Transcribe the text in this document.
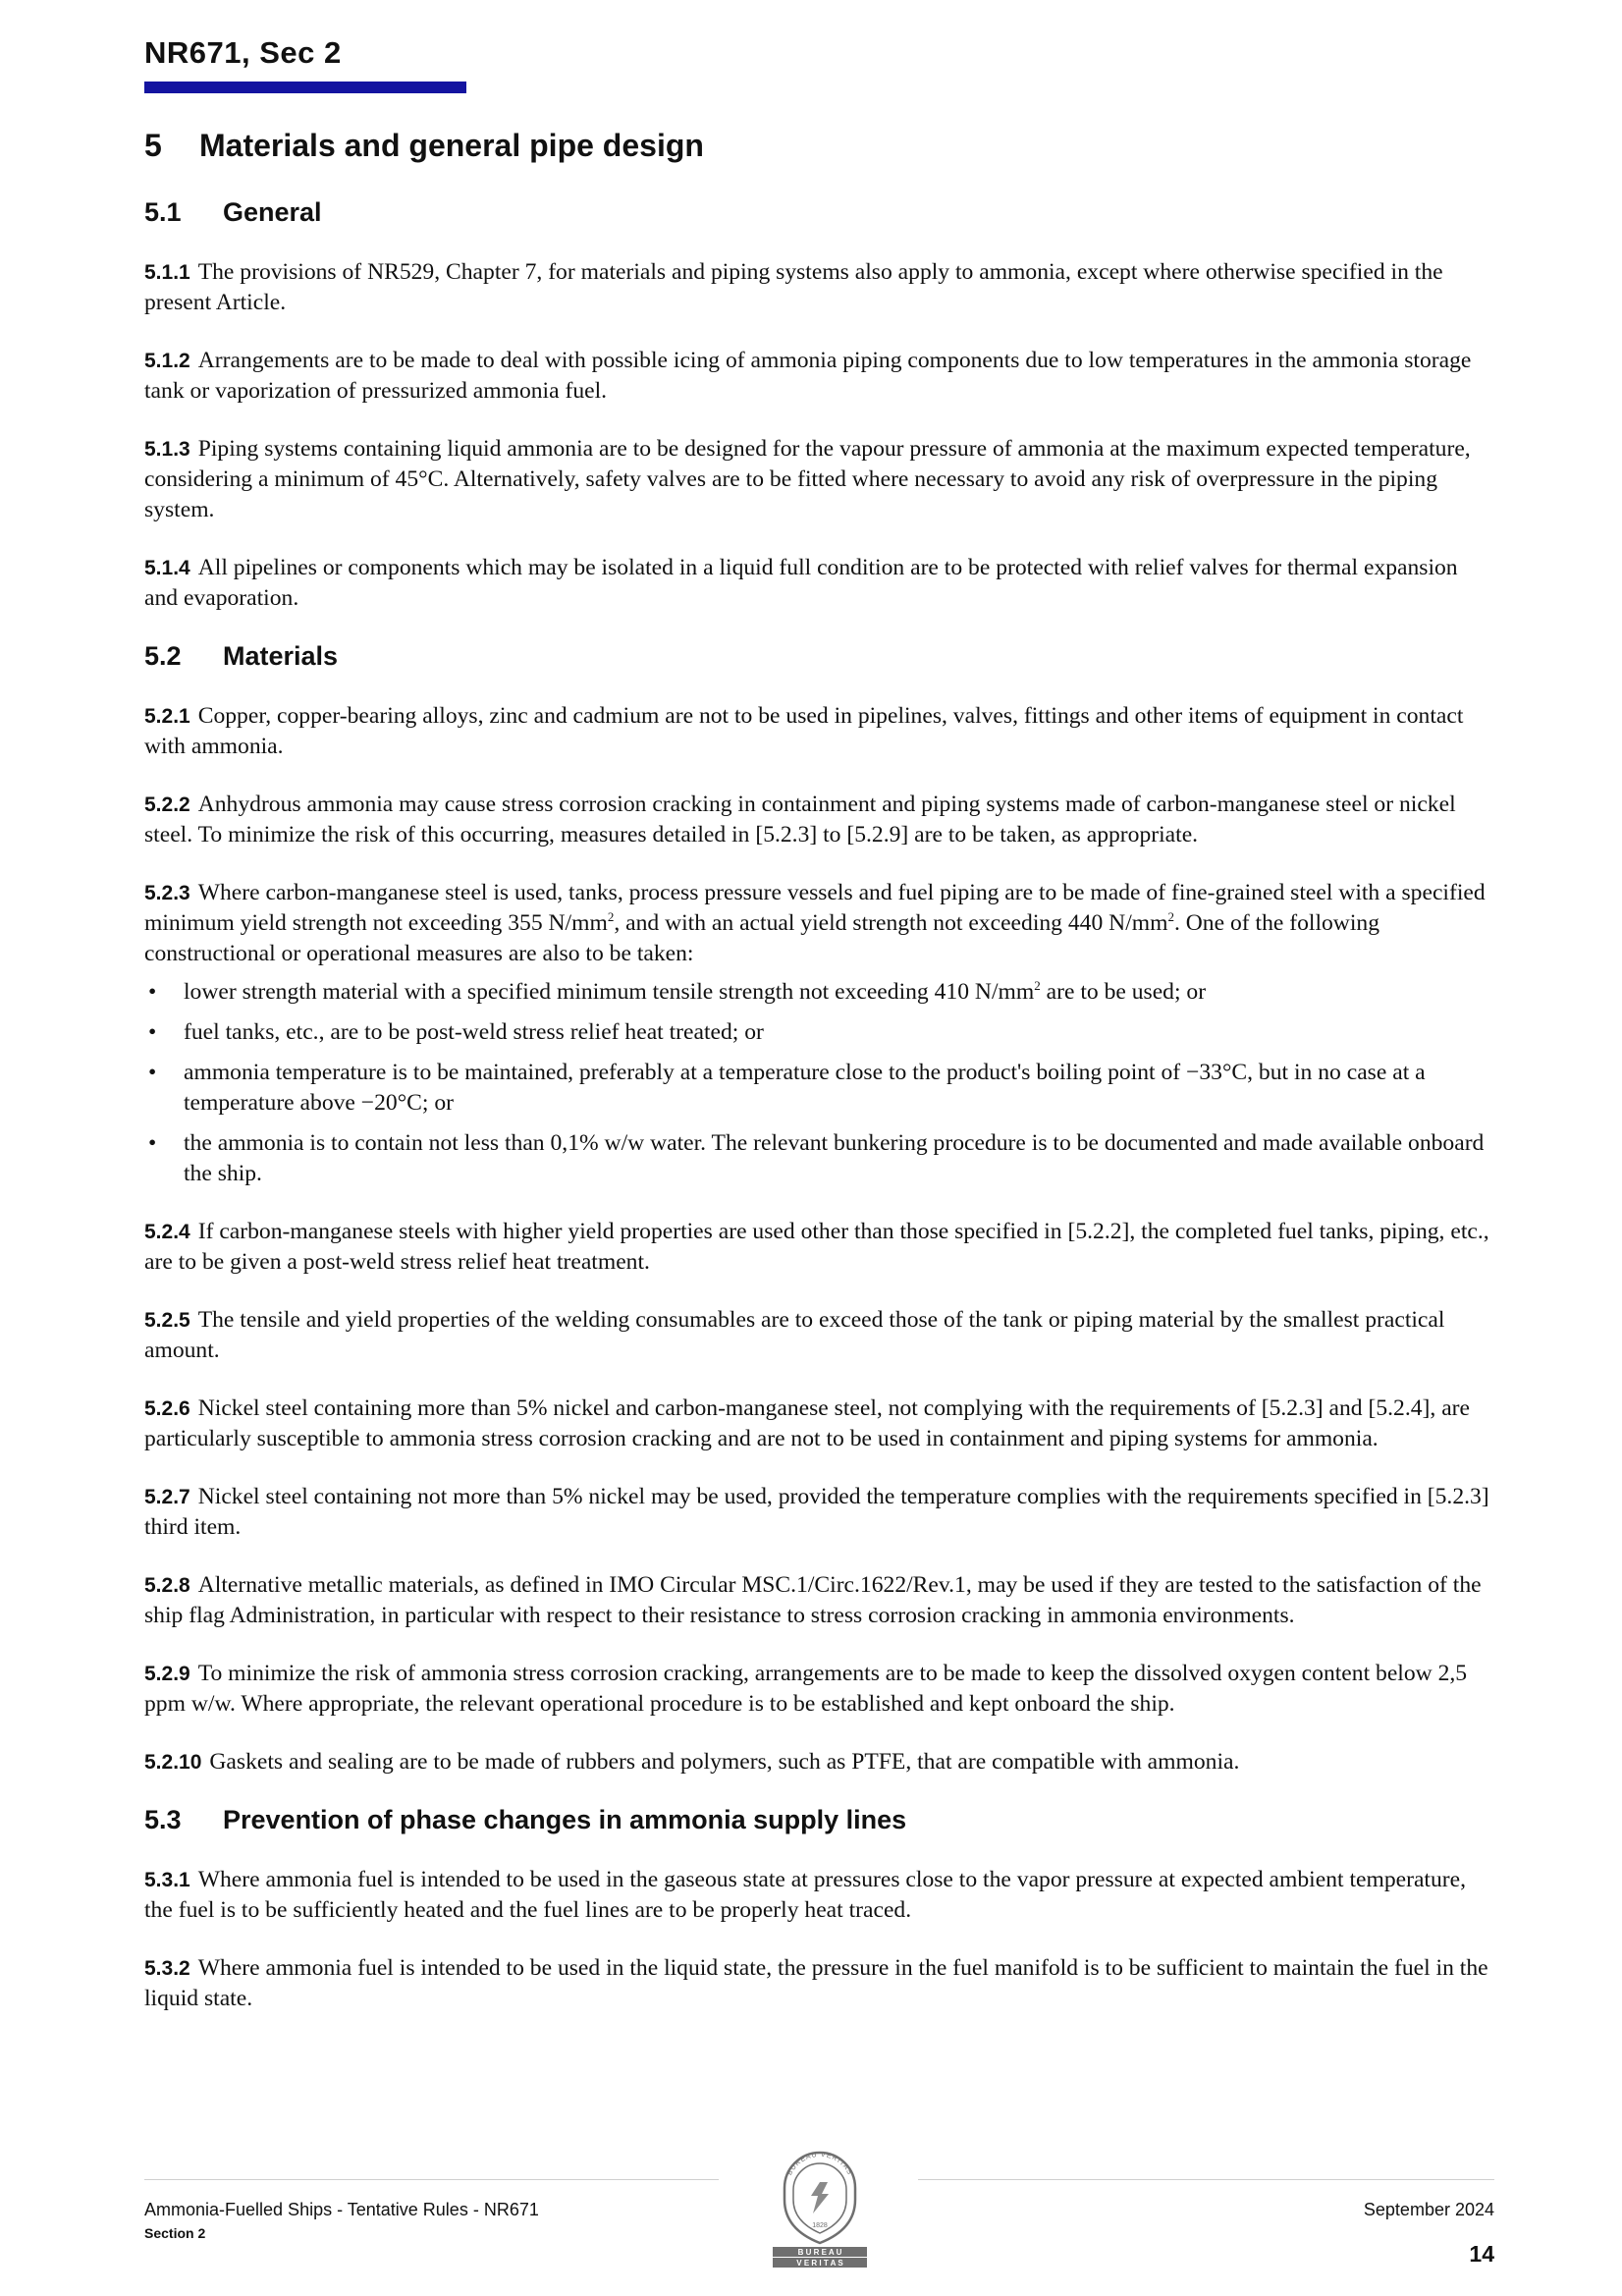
NR671, Sec 2
5	Materials and general pipe design
5.1	General

5.1.1 The provisions of NR529, Chapter 7, for materials and piping systems also apply to ammonia, except where otherwise specified in the present Article.

5.1.2 Arrangements are to be made to deal with possible icing of ammonia piping components due to low temperatures in the ammonia storage tank or vaporization of pressurized ammonia fuel.

5.1.3 Piping systems containing liquid ammonia are to be designed for the vapour pressure of ammonia at the maximum expected temperature, considering a minimum of 45°C. Alternatively, safety valves are to be fitted where necessary to avoid any risk of overpressure in the piping system.

5.1.4 All pipelines or components which may be isolated in a liquid full condition are to be protected with relief valves for thermal expansion and evaporation.

5.2	Materials

5.2.1 Copper, copper-bearing alloys, zinc and cadmium are not to be used in pipelines, valves, fittings and other items of equipment in contact with ammonia.

5.2.2 Anhydrous ammonia may cause stress corrosion cracking in containment and piping systems made of carbon-manganese steel or nickel steel. To minimize the risk of this occurring, measures detailed in [5.2.3] to [5.2.9] are to be taken, as appropriate.

5.2.3 Where carbon-manganese steel is used, tanks, process pressure vessels and fuel piping are to be made of fine-grained steel with a specified minimum yield strength not exceeding 355 $N/mm^2$, and with an actual yield strength not exceeding 440 $N/mm^2$. One of the following constructional or operational measures are also to be taken:

• lower strength material with a specified minimum tensile strength not exceeding 410 $N/mm^2$ are to be used; or
• fuel tanks, etc., are to be post-weld stress relief heat treated; or
• ammonia temperature is to be maintained, preferably at a temperature close to the product's boiling point of −33°C, but in no case at a temperature above −20°C; or
• the ammonia is to contain not less than 0,1% w/w water. The relevant bunkering procedure is to be documented and made available onboard the ship.

5.2.4 If carbon-manganese steels with higher yield properties are used other than those specified in [5.2.2], the completed fuel tanks, piping, etc., are to be given a post-weld stress relief heat treatment.

5.2.5 The tensile and yield properties of the welding consumables are to exceed those of the tank or piping material by the smallest practical amount.

5.2.6 Nickel steel containing more than 5% nickel and carbon-manganese steel, not complying with the requirements of [5.2.3] and [5.2.4], are particularly susceptible to ammonia stress corrosion cracking and are not to be used in containment and piping systems for ammonia.

5.2.7 Nickel steel containing not more than 5% nickel may be used, provided the temperature complies with the requirements specified in [5.2.3] third item.

5.2.8 Alternative metallic materials, as defined in IMO Circular MSC.1/Circ.1622/Rev.1, may be used if they are tested to the satisfaction of the ship flag Administration, in particular with respect to their resistance to stress corrosion cracking in ammonia environments.

5.2.9 To minimize the risk of ammonia stress corrosion cracking, arrangements are to be made to keep the dissolved oxygen content below 2,5 ppm w/w. Where appropriate, the relevant operational procedure is to be established and kept onboard the ship.

5.2.10 Gaskets and sealing are to be made of rubbers and polymers, such as PTFE, that are compatible with ammonia.

5.3	Prevention of phase changes in ammonia supply lines

5.3.1 Where ammonia fuel is intended to be used in the gaseous state at pressures close to the vapor pressure at expected ambient temperature, the fuel is to be sufficiently heated and the fuel lines are to be properly heat traced.

5.3.2 Where ammonia fuel is intended to be used in the liquid state, the pressure in the fuel manifold is to be sufficient to maintain the fuel in the liquid state.

Ammonia-Fuelled Ships - Tentative Rules - NR671
Section 2
September 2024
14
BUREAU VERITAS
1828
B U R E A U
V E R I T A S
